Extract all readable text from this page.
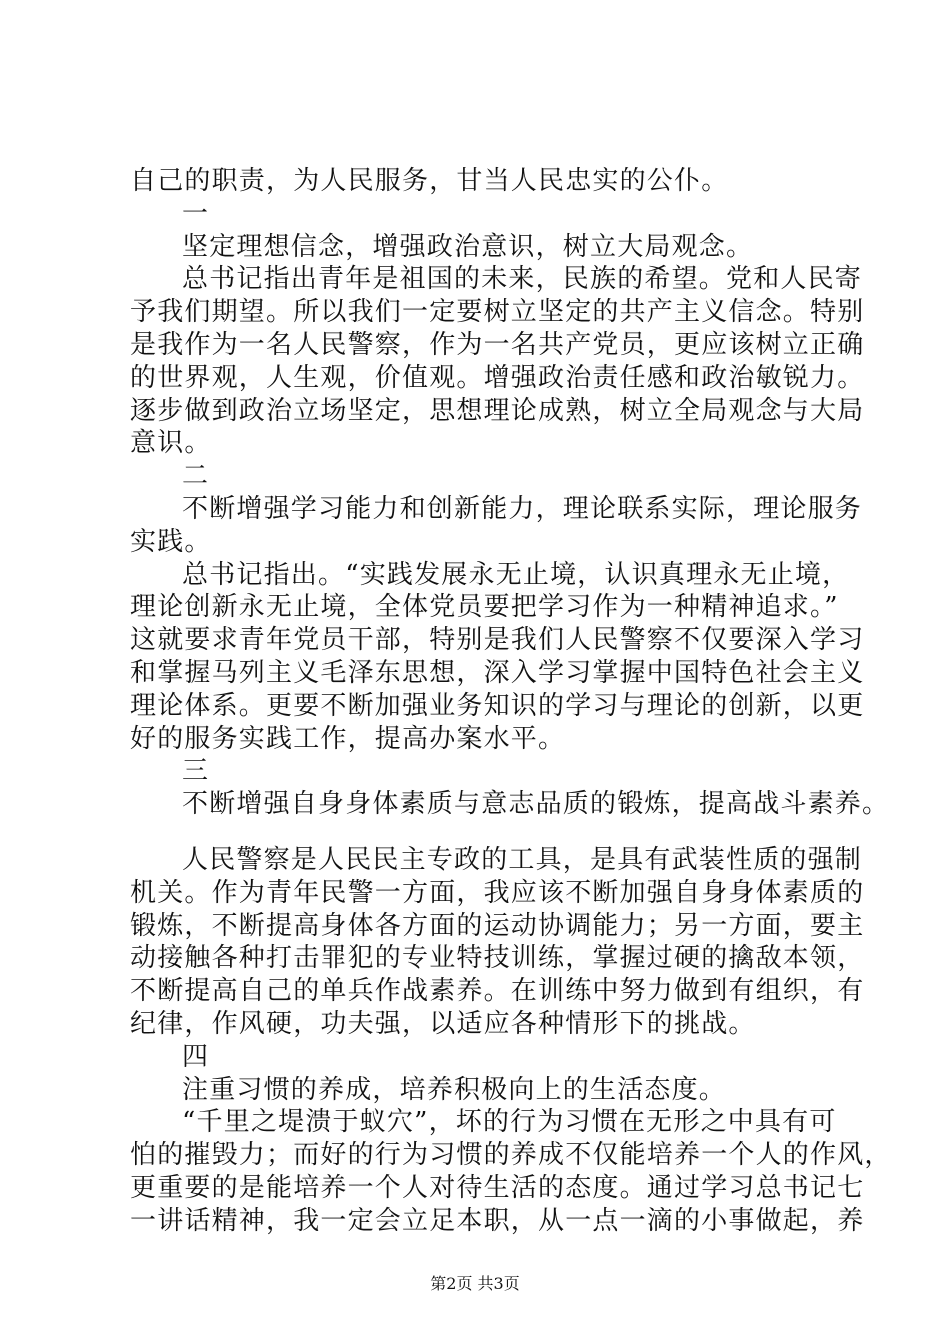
自己的职责，为人民服务，甘当人民忠实的公仆。
一
坚定理想信念，增强政治意识，树立大局观念。
总书记指出青年是祖国的未来，民族的希望。党和人民寄
予我们期望。所以我们一定要树立坚定的共产主义信念。特别
是我作为一名人民警察，作为一名共产党员，更应该树立正确
的世界观，人生观，价值观。增强政治责任感和政治敏锐力。
逐步做到政治立场坚定，思想理论成熟，树立全局观念与大局
意识。
二
不断增强学习能力和创新能力，理论联系实际，理论服务
实践。
总书记指出。“实践发展永无止境，认识真理永无止境，
理论创新永无止境，全体党员要把学习作为一种精神追求。”
这就要求青年党员干部，特别是我们人民警察不仅要深入学习
和掌握马列主义毛泽东思想，深入学习掌握中国特色社会主义
理论体系。更要不断加强业务知识的学习与理论的创新，以更
好的服务实践工作，提高办案水平。
三
不断增强自身身体素质与意志品质的锻炼，提高战斗素养。
人民警察是人民民主专政的工具，是具有武装性质的强制
机关。作为青年民警一方面，我应该不断加强自身身体素质的
锻炼，不断提高身体各方面的运动协调能力；另一方面，要主
动接触各种打击罪犯的专业特技训练，掌握过硬的擒敌本领，
不断提高自己的单兵作战素养。在训练中努力做到有组织，有
纪律，作风硬，功夫强，以适应各种情形下的挑战。
四
注重习惯的养成，培养积极向上的生活态度。
“千里之堤溃于蚁穴”，坏的行为习惯在无形之中具有可
怕的摧毁力；而好的行为习惯的养成不仅能培养一个人的作风，
更重要的是能培养一个人对待生活的态度。通过学习总书记七
一讲话精神，我一定会立足本职，从一点一滴的小事做起，养
第2页 共3页
